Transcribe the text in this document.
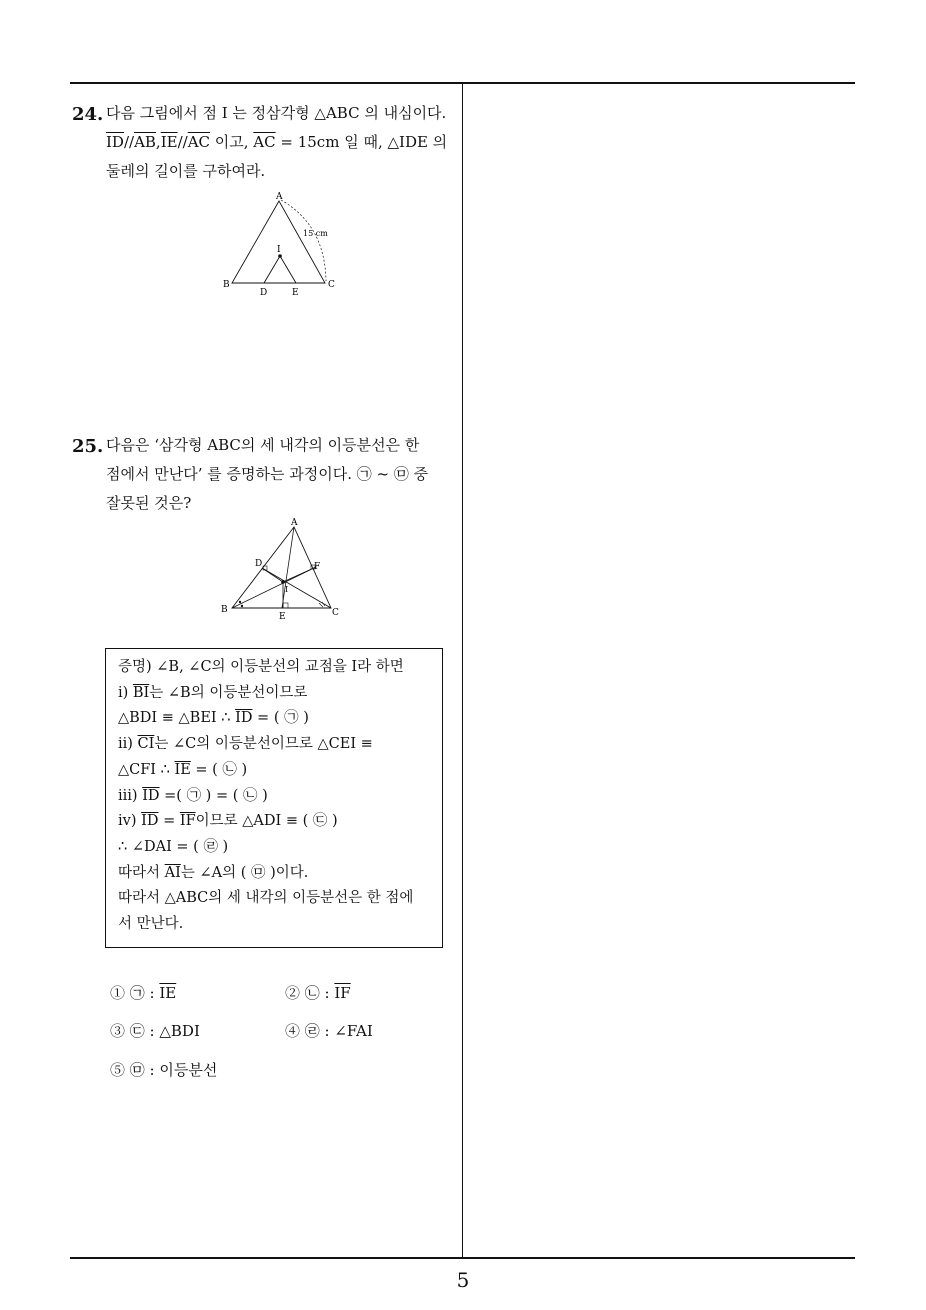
24. 다음 그림에서 점 I 는 정삼각형 △ABC 의 내심이다.
$\overline{ID}//\overline{AB},\overline{IE}//\overline{AC}$ 이고, $\overline{AC} = 15cm$ 일 때, △IDE 의
둘레의 길이를 구하여라.
A
I
B
D	E
C
15 cm
25. 다음은 ‘삼각형 ABC의 세 내각의 이등분선은 한
점에서 만난다’ 를 증명하는 과정이다. ㉠ ~ ㉤ 중
잘못된 것은?
A
D	F
I
B
E	C
증명) ∠B, ∠C의 이등분선의 교점을 I라 하면
ⅰ) $\overline{BI}$는 ∠B의 이등분선이므로
△BDI ≡ △BEI ∴ $\overline{ID}$ = ( ㉠ )
ⅱ) $\overline{CI}$는 ∠C의 이등분선이므로 △CEI ≡
△CFI ∴ $\overline{IE}$ = ( ㉡ )
ⅲ) $\overline{ID}$ =( ㉠ ) = ( ㉡ )
ⅳ) $\overline{ID} = \overline{IF}$이므로 △ADI ≡ ( ㉢ )
∴ ∠DAI = ( ㉣ )
따라서 $\overline{AI}$는 ∠A의 ( ㉤ )이다.
따라서 △ABC의 세 내각의 이등분선은 한 점에
서 만난다.
① ㉠ : $\overline{IE}$	② ㉡ : $\overline{IF}$
③ ㉢ : △BDI	④ ㉣ : ∠FAI
⑤ ㉤ : 이등분선
5
